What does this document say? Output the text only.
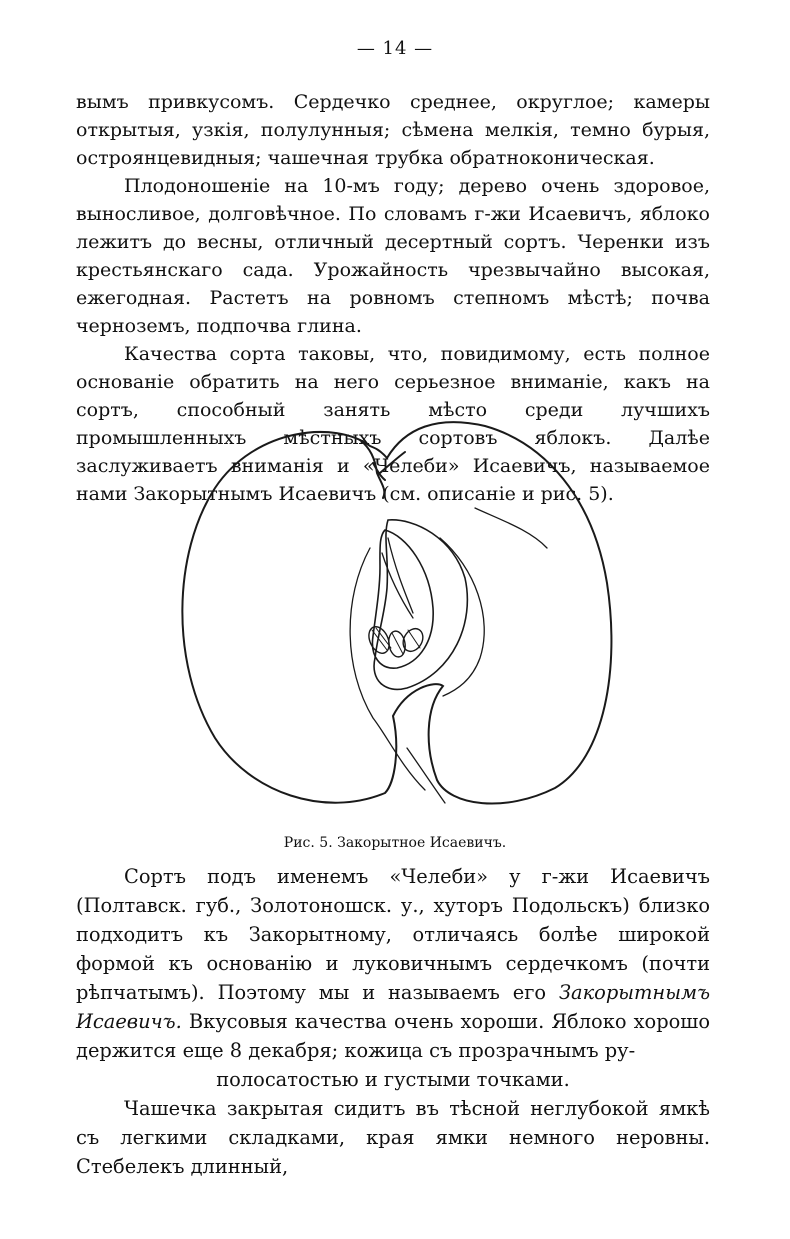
— 14 —

вымъ привкусомъ. Сердечко среднее, округлое; камеры открытыя, узкія, полулунныя; сѣмена мелкія, темно бурыя, остроянцевидныя; чашечная трубка обратноконическая.

Плодоношеніе на 10-мъ году; дерево очень здоровое, выносливое, долговѣчное. По словамъ г-жи Исаевичъ, яблоко лежитъ до весны, отличный десертный сортъ. Черенки изъ крестьянскаго сада. Урожайность чрезвычайно высокая, ежегодная. Растетъ на ровномъ степномъ мѣстѣ; почва черноземъ, подпочва глина.

Качества сорта таковы, что, повидимому, есть полное основаніе обратить на него серьезное вниманіе, какъ на сортъ, способный занять мѣсто среди лучшихъ промышленныхъ мѣстныхъ сортовъ яблокъ. Далѣе заслуживаетъ вниманія и «Челеби» Исаевичъ, называемое нами Закорытнымъ Исаевичъ (см. описаніе и рис. 5).

Рис. 5. Закорытное Исаевичъ.

Сортъ подъ именемъ «Челеби» у г-жи Исаевичъ (Полтавск. губ., Золотоношск. у., хуторъ Подольскъ) близко подходитъ къ Закорытному, отличаясь болѣе широкой формой къ основанію и луковичнымъ сердечкомъ (почти рѣпчатымъ). Поэтому мы и называемъ его Закорытнымъ Исаевичъ. Вкусовыя качества очень хороши. Яблоко хорошо держится еще 8 декабря; кожица съ прозрачнымъ ру-
полосатостью и густыми точками.

Чашечка закрытая сидитъ въ тѣсной неглубокой ямкѣ съ легкими складками, края ямки немного неровны. Стебелекъ длинный,
